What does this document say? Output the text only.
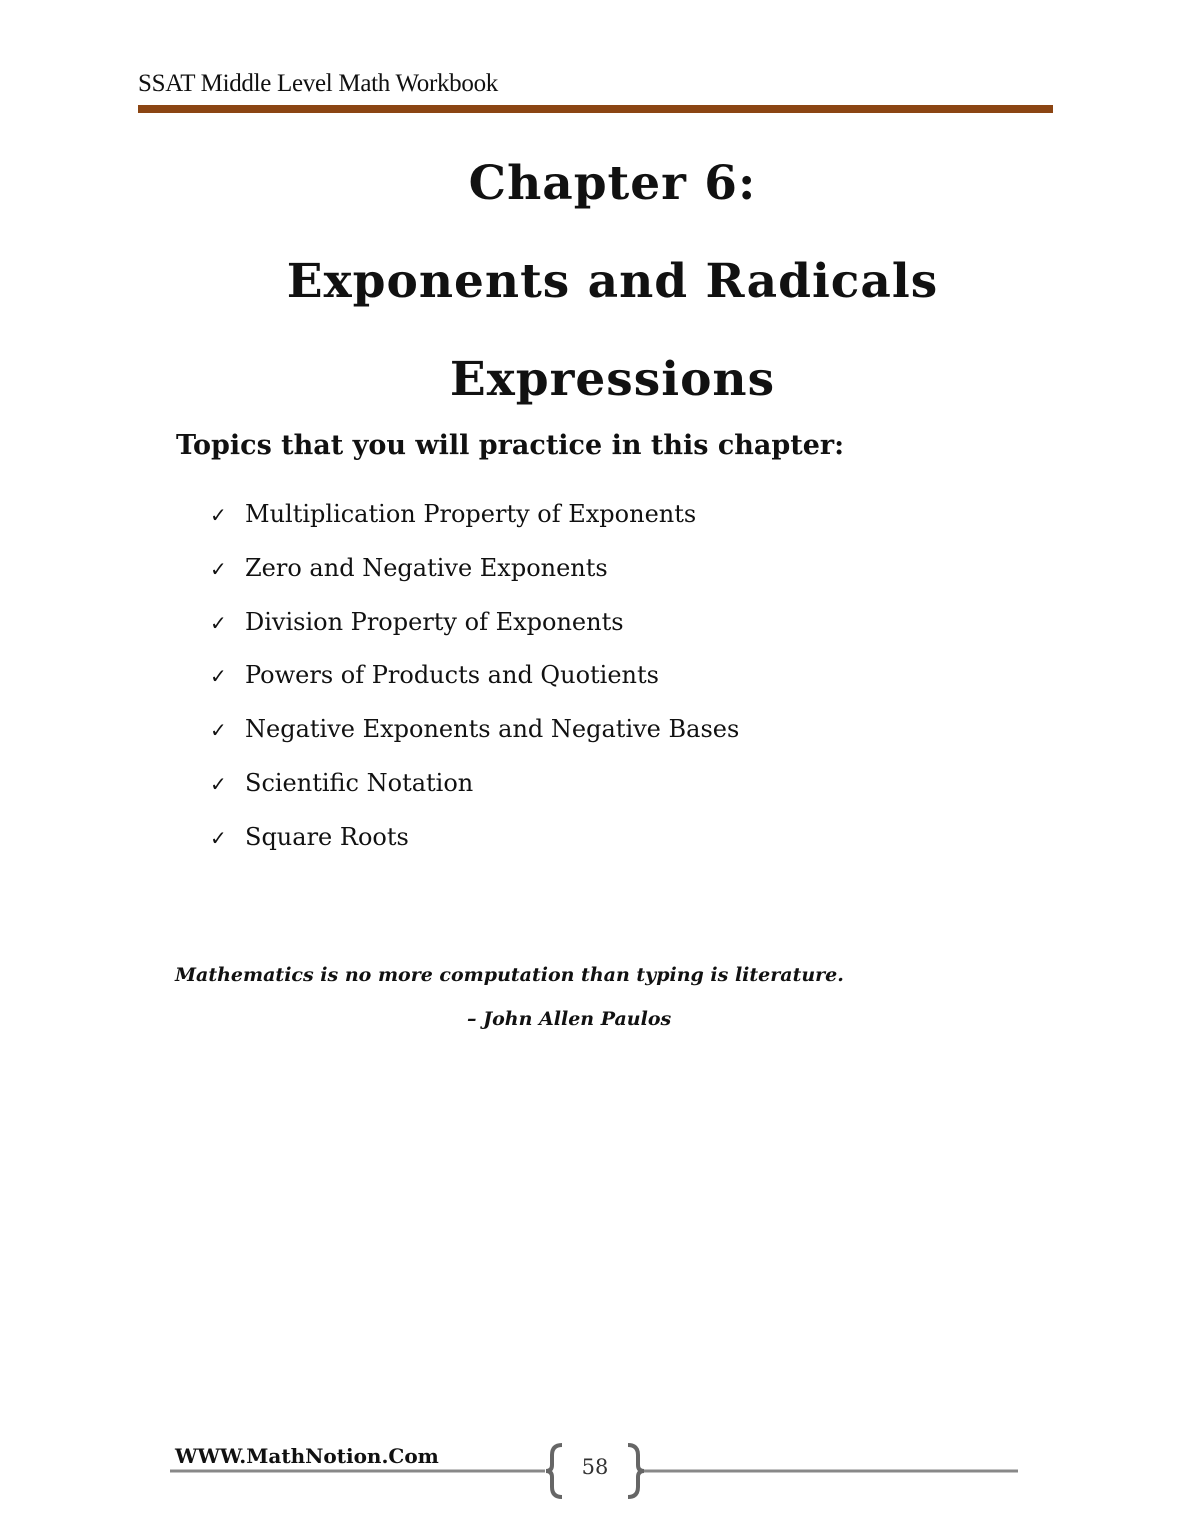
SSAT Middle Level Math Workbook
Chapter 6:
Exponents and Radicals
Expressions
Topics that you will practice in this chapter:
✓ Multiplication Property of Exponents
✓ Zero and Negative Exponents
✓ Division Property of Exponents
✓ Powers of Products and Quotients
✓ Negative Exponents and Negative Bases
✓ Scientific Notation
✓ Square Roots

Mathematics is no more computation than typing is literature.

– John Allen Paulos
WWW.MathNotion.Com	58
